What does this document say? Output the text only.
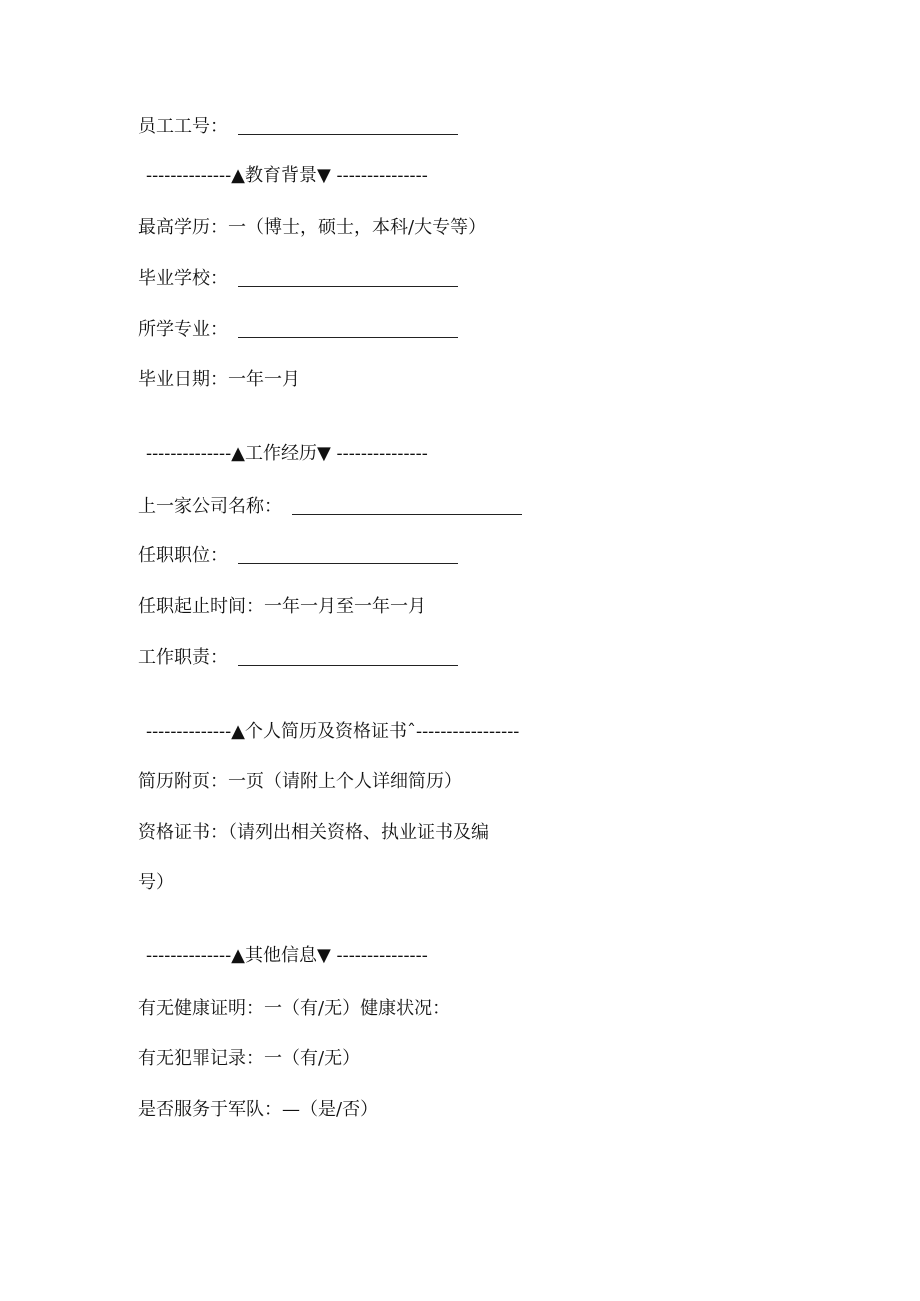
员工工号：
--------------▲教育背景▼ ---------------
最高学历：一（博士，硕士，本科/大专等）
毕业学校：
所学专业：
毕业日期：一年一月
--------------▲工作经历▼ ---------------
上一家公司名称：
任职职位：
任职起止时间：一年一月至一年一月
工作职责：
--------------▲个人简历及资格证书ˆ-----------------
简历附页：一页（请附上个人详细简历）
资格证书：（请列出相关资格、执业证书及编
号）
--------------▲其他信息▼ ---------------
有无健康证明：一（有/无）健康状况：
有无犯罪记录：一（有/无）
是否服务于军队：—（是/否）
